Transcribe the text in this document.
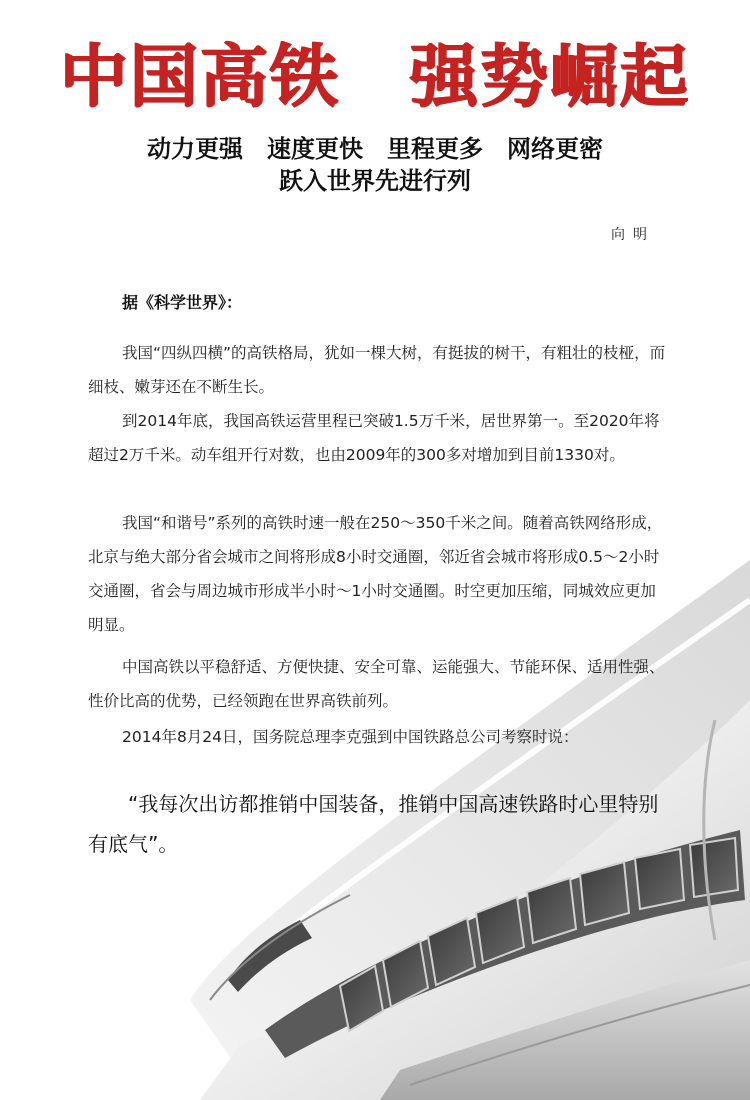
中国高铁　强势崛起
动力更强　速度更快　里程更多　网络更密
跃入世界先进行列
向明
据《科学世界》：

我国“四纵四横”的高铁格局，犹如一棵大树，有挺拔的树干，有粗壮的枝桠，而细枝、嫩芽还在不断生长。

到2014年底，我国高铁运营里程已突破1.5万千米，居世界第一。至2020年将超过2万千米。动车组开行对数，也由2009年的300多对增加到目前1330对。

我国“和谐号”系列的高铁时速一般在250～350千米之间。随着高铁网络形成，北京与绝大部分省会城市之间将形成8小时交通圈，邻近省会城市将形成0.5～2小时交通圈，省会与周边城市形成半小时～1小时交通圈。时空更加压缩，同城效应更加明显。

中国高铁以平稳舒适、方便快捷、安全可靠、运能强大、节能环保、适用性强、性价比高的优势，已经领跑在世界高铁前列。

2014年8月24日，国务院总理李克强到中国铁路总公司考察时说：

“我每次出访都推销中国装备，推销中国高速铁路时心里特别有底气”。
